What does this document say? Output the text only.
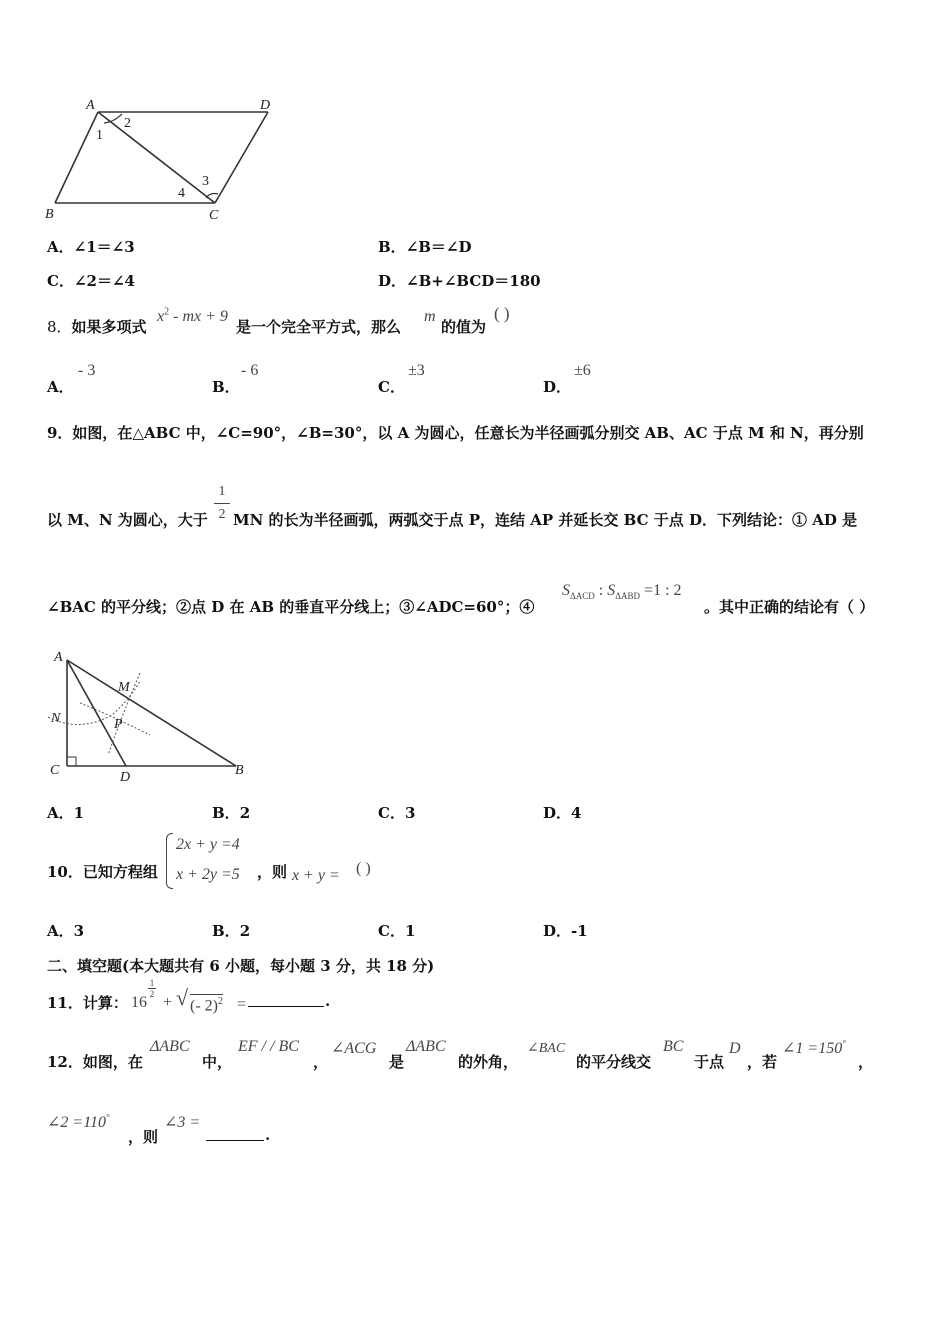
A	D
B	C
1
2
3
4
A．∠1＝∠3	B．∠B＝∠D
C．∠2＝∠4	D．∠B+∠BCD＝180
8．如果多项式
$x^2$ - mx + 9
是一个完全平方式，那么
m
的值为
( )
A．
- 3
B．
- 6
C．
±3
D．
±6
9．如图，在△ABC 中，∠C=90°，∠B=30°，以 A 为圆心，任意长为半径画弧分别交 AB、AC 于点 M 和 N，再分别
以 M、N 为圆心，大于
1
2 MN 的长为半径画弧，两弧交于点 P，连结 AP 并延长交 BC 于点 D．下列结论：① AD 是
∠BAC 的平分线；②点 D 在 AB 的垂直平分线上；③∠ADC=60°；④
$S_{\Delta ACD}$ : $S_{\Delta ABD} =1$ : 2
。其中正确的结论有（ ）
A
M
N	P
C	D	B
A．1	B．2	C．3	D．4
10．已知方程组
2x + y =4
x + 2y =5 ，则 x + y = ( )
A．3	B．2	C．1	D．-1
二、填空题(本大题共有 6 小题，每小题 3 分，共 18 分)
11．计算： 16
1
2 + √ (- 2)$^2$ =	.
12．如图，在
ΔABC
中，
EF / / BC
，
∠ACG
是
ΔABC
的外角，
∠BAC
的平分线交
BC
于点
D
，若
∠1 =150°
，
∠2 =110°
，则
∠3 =
.
